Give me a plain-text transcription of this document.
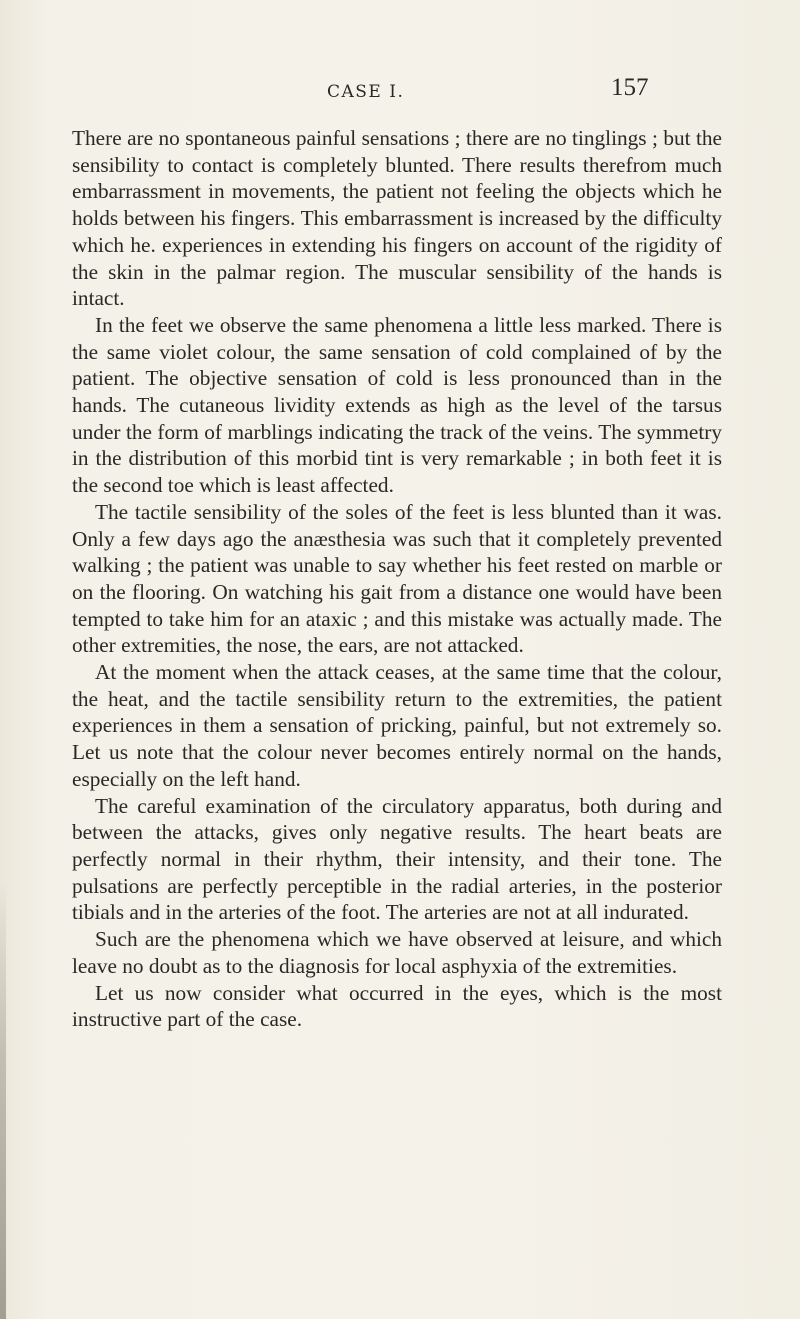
CASE I.	157

There are no spontaneous painful sensations ; there are no tinglings ; but the sensibility to contact is completely blunted. There results therefrom much embarrassment in movements, the patient not feeling the objects which he holds between his fingers. This embarrassment is increased by the difficulty which he. experiences in extending his fingers on account of the rigidity of the skin in the palmar region. The muscular sensibility of the hands is intact.

In the feet we observe the same phenomena a little less marked. There is the same violet colour, the same sensation of cold complained of by the patient. The objective sensation of cold is less pronounced than in the hands. The cutaneous lividity extends as high as the level of the tarsus under the form of marblings indicating the track of the veins. The symmetry in the distribution of this morbid tint is very remarkable ; in both feet it is the second toe which is least affected.

The tactile sensibility of the soles of the feet is less blunted than it was. Only a few days ago the anæsthesia was such that it completely prevented walking ; the patient was unable to say whether his feet rested on marble or on the flooring. On watching his gait from a distance one would have been tempted to take him for an ataxic ; and this mistake was actually made. The other extremities, the nose, the ears, are not attacked.

At the moment when the attack ceases, at the same time that the colour, the heat, and the tactile sensibility return to the extremities, the patient experiences in them a sensation of pricking, painful, but not extremely so. Let us note that the colour never becomes entirely normal on the hands, especially on the left hand.

The careful examination of the circulatory apparatus, both during and between the attacks, gives only negative results. The heart beats are perfectly normal in their rhythm, their intensity, and their tone. The pulsations are perfectly perceptible in the radial arteries, in the posterior tibials and in the arteries of the foot. The arteries are not at all indurated.

Such are the phenomena which we have observed at leisure, and which leave no doubt as to the diagnosis for local asphyxia of the extremities.

Let us now consider what occurred in the eyes, which is the most instructive part of the case.
